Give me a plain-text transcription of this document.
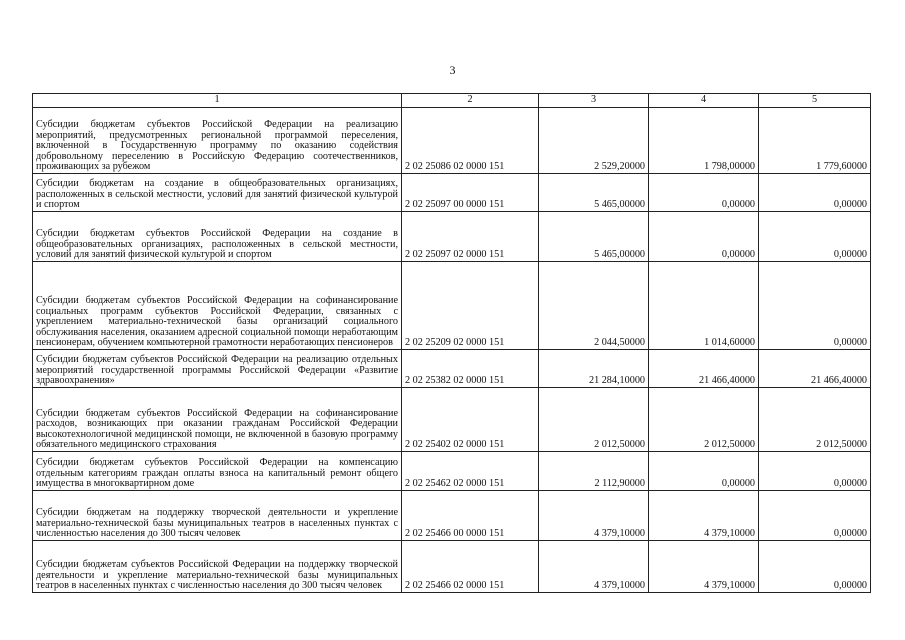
3
1	2	3	4	5
Субсидии бюджетам субъектов Российской Федерации на реализацию мероприятий, предусмотренных региональной программой переселения, включенной в Государственную программу по оказанию содействия добровольному переселению в Российскую Федерацию соотечественников, проживающих за рубежом	2 02 25086 02 0000 151	2 529,20000	1 798,00000	1 779,60000
Субсидии бюджетам на создание в общеобразовательных организациях, расположенных в сельской местности, условий для занятий физической культурой и спортом	2 02 25097 00 0000 151	5 465,00000	0,00000	0,00000
Субсидии бюджетам субъектов Российской Федерации на создание в общеобразовательных организациях, расположенных в сельской местности, условий для занятий физической культурой и спортом	2 02 25097 02 0000 151	5 465,00000	0,00000	0,00000
Субсидии бюджетам субъектов Российской Федерации на софинансирование социальных программ субъектов Российской Федерации, связанных с укреплением материально-технической базы организаций социального обслуживания населения, оказанием адресной социальной помощи неработающим пенсионерам, обучением компьютерной грамотности неработающих пенсионеров	2 02 25209 02 0000 151	2 044,50000	1 014,60000	0,00000
Субсидии бюджетам субъектов Российской Федерации на реализацию отдельных мероприятий государственной программы Российской Федерации «Развитие здравоохранения»	2 02 25382 02 0000 151	21 284,10000	21 466,40000	21 466,40000
Субсидии бюджетам субъектов Российской Федерации на софинансирование расходов, возникающих при оказании гражданам Российской Федерации высокотехнологичной медицинской помощи, не включенной в базовую программу обязательного медицинского страхования	2 02 25402 02 0000 151	2 012,50000	2 012,50000	2 012,50000
Субсидии бюджетам субъектов Российской Федерации на компенсацию отдельным категориям граждан оплаты взноса на капитальный ремонт общего имущества в многоквартирном доме	2 02 25462 02 0000 151	2 112,90000	0,00000	0,00000
Субсидии бюджетам на поддержку творческой деятельности и укрепление материально-технической базы муниципальных театров в населенных пунктах с численностью населения до 300 тысяч человек	2 02 25466 00 0000 151	4 379,10000	4 379,10000	0,00000
Субсидии бюджетам субъектов Российской Федерации на поддержку творческой деятельности и укрепление материально-технической базы муниципальных театров в населенных пунктах с численностью населения до 300 тысяч человек	2 02 25466 02 0000 151	4 379,10000	4 379,10000	0,00000
